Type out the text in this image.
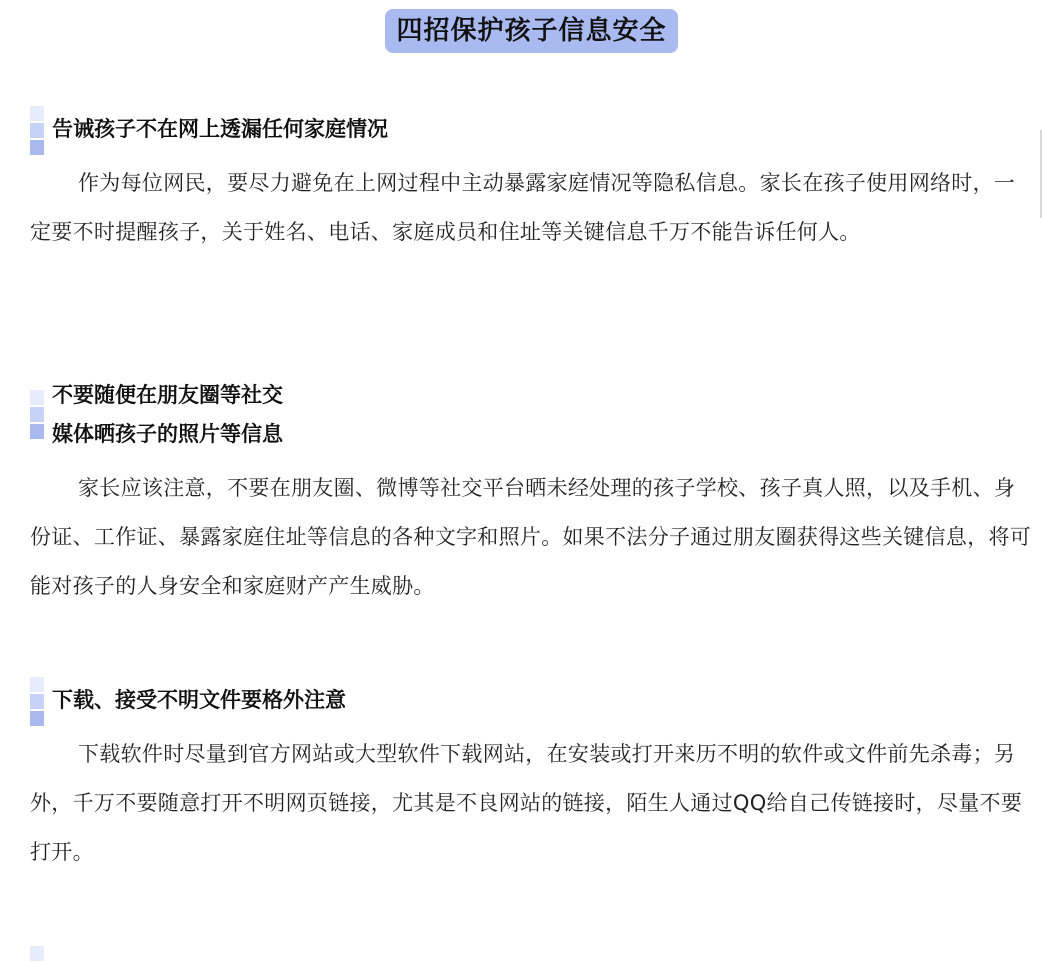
四招保护孩子信息安全
告诫孩子不在网上透漏任何家庭情况
作为每位网民，要尽力避免在上网过程中主动暴露家庭情况等隐私信息。家长在孩子使用网络时，一定要不时提醒孩子，关于姓名、电话、家庭成员和住址等关键信息千万不能告诉任何人。
不要随便在朋友圈等社交
媒体晒孩子的照片等信息
家长应该注意，不要在朋友圈、微博等社交平台晒未经处理的孩子学校、孩子真人照，以及手机、身份证、工作证、暴露家庭住址等信息的各种文字和照片。如果不法分子通过朋友圈获得这些关键信息，将可能对孩子的人身安全和家庭财产产生威胁。
下载、接受不明文件要格外注意
下载软件时尽量到官方网站或大型软件下载网站，在安装或打开来历不明的软件或文件前先杀毒；另外，千万不要随意打开不明网页链接，尤其是不良网站的链接，陌生人通过QQ给自己传链接时，尽量不要打开。
